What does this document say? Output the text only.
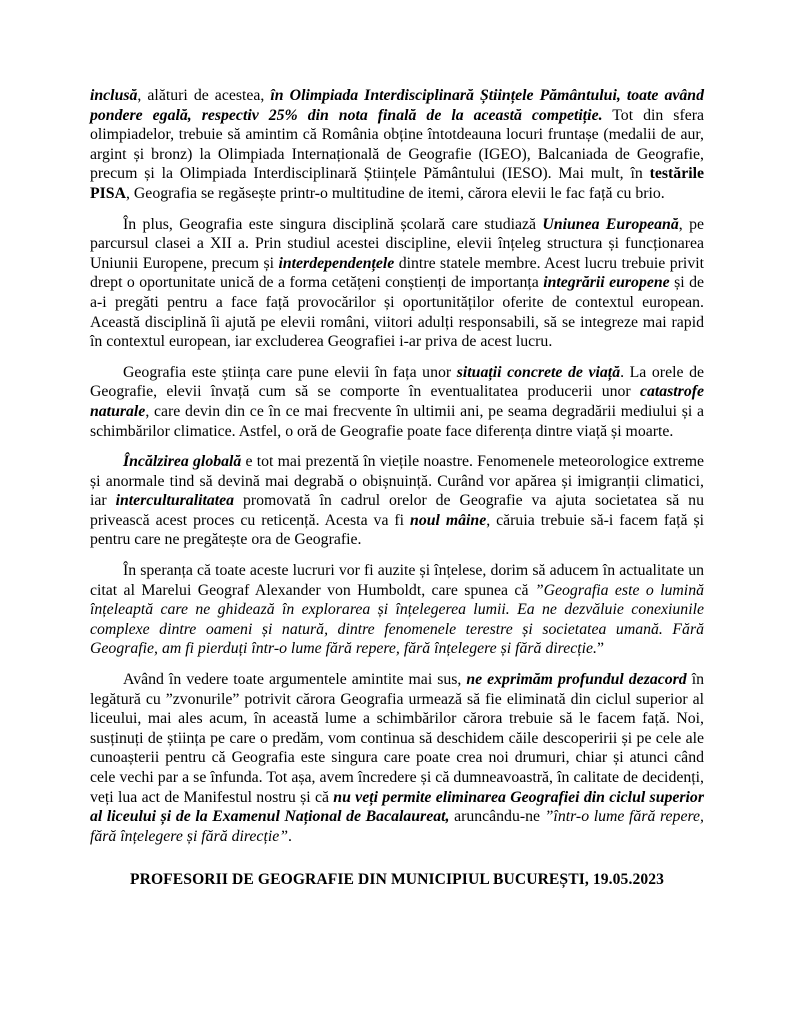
inclusă, alături de acestea, în Olimpiada Interdisciplinară Științele Pământului, toate având pondere egală, respectiv 25% din nota finală de la această competiție. Tot din sfera olimpiadelor, trebuie să amintim că România obține întotdeauna locuri fruntașe (medalii de aur, argint și bronz) la Olimpiada Internațională de Geografie (IGEO), Balcaniada de Geografie, precum și la Olimpiada Interdisciplinară Științele Pământului (IESO). Mai mult, în testările PISA, Geografia se regăsește printr-o multitudine de itemi, cărora elevii le fac față cu brio.

În plus, Geografia este singura disciplină școlară care studiază Uniunea Europeană, pe parcursul clasei a XII a. Prin studiul acestei discipline, elevii înțeleg structura și funcționarea Uniunii Europene, precum și interdependențele dintre statele membre. Acest lucru trebuie privit drept o oportunitate unică de a forma cetățeni conștienți de importanța integrării europene și de a-i pregăti pentru a face față provocărilor și oportunităților oferite de contextul european. Această disciplină îi ajută pe elevii români, viitori adulți responsabili, să se integreze mai rapid în contextul european, iar excluderea Geografiei i-ar priva de acest lucru.

Geografia este știința care pune elevii în fața unor situații concrete de viață. La orele de Geografie, elevii învață cum să se comporte în eventualitatea producerii unor catastrofe naturale, care devin din ce în ce mai frecvente în ultimii ani, pe seama degradării mediului și a schimbărilor climatice. Astfel, o oră de Geografie poate face diferența dintre viață și moarte.

Încălzirea globală e tot mai prezentă în viețile noastre. Fenomenele meteorologice extreme și anormale tind să devină mai degrabă o obișnuință. Curând vor apărea și imigranții climatici, iar interculturalitatea promovată în cadrul orelor de Geografie va ajuta societatea să nu privească acest proces cu reticență. Acesta va fi noul mâine, căruia trebuie să-i facem față și pentru care ne pregătește ora de Geografie.

În speranța că toate aceste lucruri vor fi auzite și înțelese, dorim să aducem în actualitate un citat al Marelui Geograf Alexander von Humboldt, care spunea că ”Geografia este o lumină înțeleaptă care ne ghidează în explorarea și înțelegerea lumii. Ea ne dezvăluie conexiunile complexe dintre oameni și natură, dintre fenomenele terestre și societatea umană. Fără Geografie, am fi pierduți într-o lume fără repere, fără înțelegere și fără direcție.”

Având în vedere toate argumentele amintite mai sus, ne exprimăm profundul dezacord în legătură cu ”zvonurile” potrivit cărora Geografia urmează să fie eliminată din ciclul superior al liceului, mai ales acum, în această lume a schimbărilor cărora trebuie să le facem față. Noi, susținuți de știința pe care o predăm, vom continua să deschidem căile descoperirii și pe cele ale cunoașterii pentru că Geografia este singura care poate crea noi drumuri, chiar și atunci când cele vechi par a se înfunda. Tot așa, avem încredere și că dumneavoastră, în calitate de decidenți, veți lua act de Manifestul nostru și că nu veți permite eliminarea Geografiei din ciclul superior al liceului și de la Examenul Național de Bacalaureat, aruncându-ne ”într-o lume fără repere, fără înțelegere și fără direcție”.

PROFESORII DE GEOGRAFIE DIN MUNICIPIUL BUCUREȘTI, 19.05.2023
